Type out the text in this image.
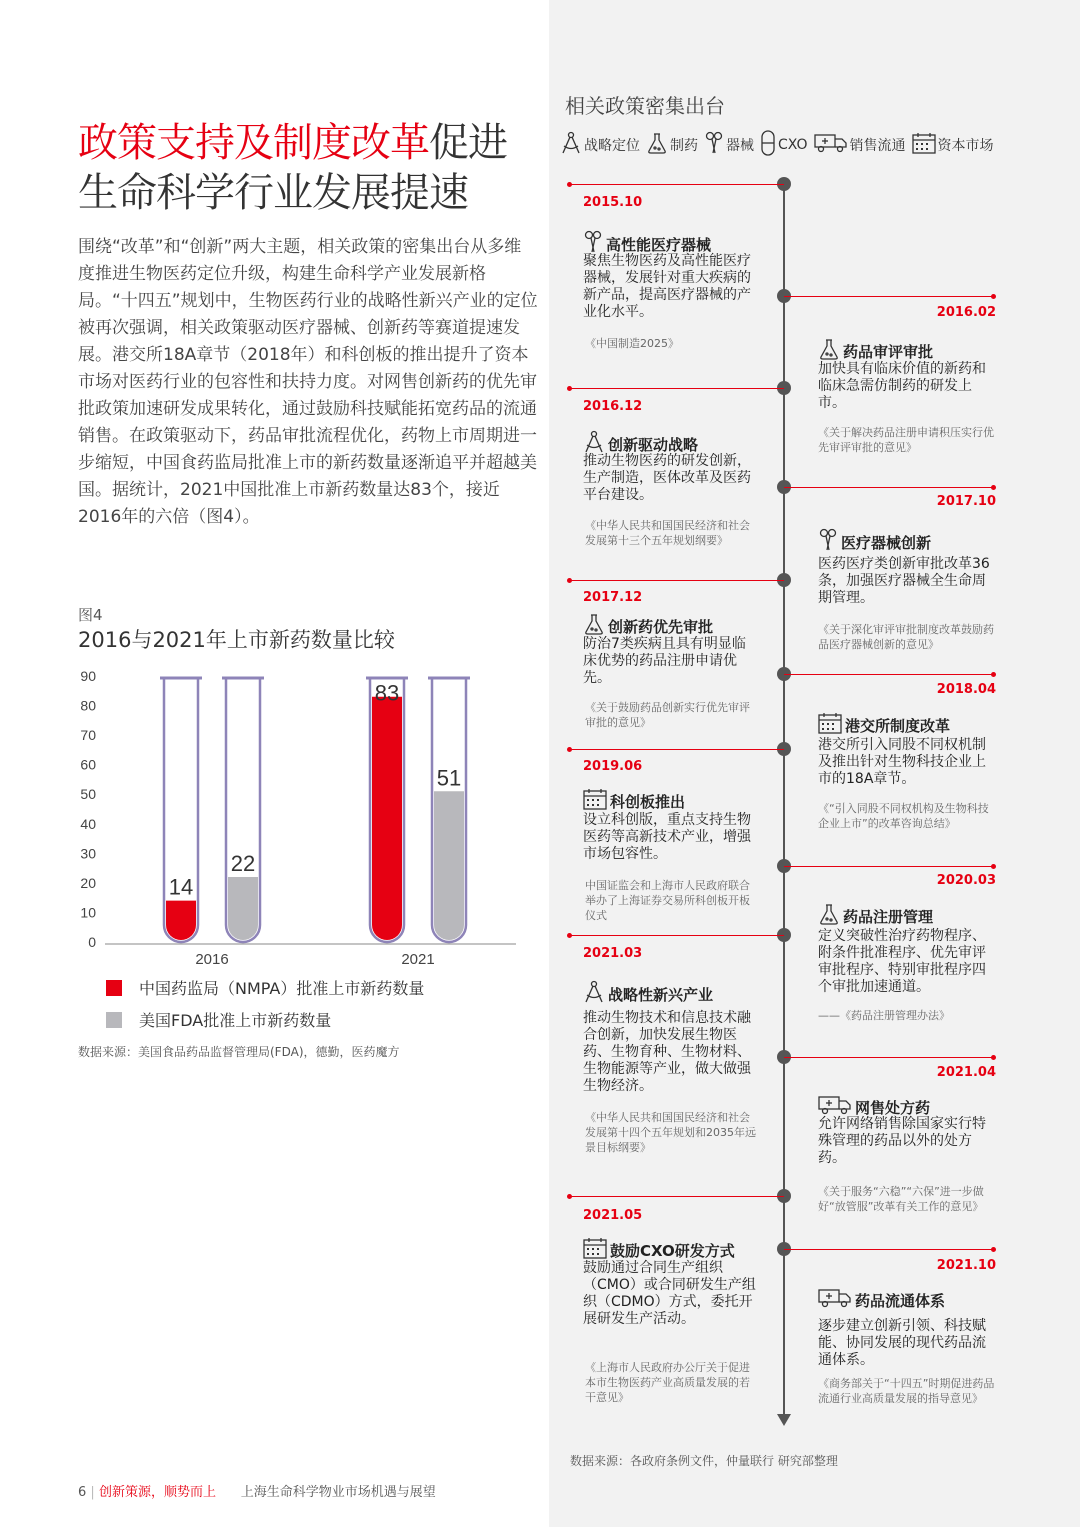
政策支持及制度改革促进生命科学行业发展提速
围绕“改革”和“创新”两大主题，相关政策的密集出台从多维度推进生物医药定位升级，构建生命科学产业发展新格局。“十四五”规划中，生物医药行业的战略性新兴产业的定位被再次强调，相关政策驱动医疗器械、创新药等赛道提速发展。港交所18A章节（2018年）和科创板的推出提升了资本市场对医药行业的包容性和扶持力度。对网售创新药的优先审批政策加速研发成果转化，通过鼓励科技赋能拓宽药品的流通销售。在政策驱动下，药品审批流程优化，药物上市周期进一步缩短，中国食药监局批准上市的新药数量逐渐追平并超越美国。据统计，2021中国批准上市新药数量达83个，接近2016年的六倍（图4）。
图4
2016与2021年上市新药数量比较
0
10
20
30
40
50
60
70
80
90
14
22
83
51
2016	2021
中国药监局（NMPA）批准上市新药数量
美国FDA批准上市新药数量
数据来源：美国食品药品监督管理局(FDA)，德勤，医药魔方
相关政策密集出台
战略定位 制药 器械 CXO	销售流通 资本市场
2015.10
高性能医疗器械
聚焦生物医药及高性能医疗器械，发展针对重大疾病的新产品，提高医疗器械的产业化水平。
《中国制造2025》
2016.02
药品审评审批
加快具有临床价值的新药和临床急需仿制药的研发上市。
《关于解决药品注册申请积压实行优先审评审批的意见》
2016.12
创新驱动战略
推动生物医药的研发创新，生产制造，医体改革及医药平台建设。
《中华人民共和国国民经济和社会发展第十三个五年规划纲要》
2017.10
医疗器械创新
医药医疗类创新审批改革36条，加强医疗器械全生命周期管理。
《关于深化审评审批制度改革鼓励药品医疗器械创新的意见》
2017.12
创新药优先审批
防治7类疾病且具有明显临床优势的药品注册申请优先。
《关于鼓励药品创新实行优先审评审批的意见》
2018.04
港交所制度改革
港交所引入同股不同权机制及推出针对生物科技企业上市的18A章节。
《“引入同股不同权机构及生物科技企业上市”的改革咨询总结》
2019.06
科创板推出
设立科创版，重点支持生物医药等高新技术产业，增强市场包容性。
中国证监会和上海市人民政府联合举办了上海证券交易所科创板开板仪式
2020.03
药品注册管理
定义突破性治疗药物程序、附条件批准程序、优先审评审批程序、特别审批程序四个审批加速通道。
——《药品注册管理办法》
2021.03
战略性新兴产业
推动生物技术和信息技术融合创新，加快发展生物医药、生物育种、生物材料、生物能源等产业，做大做强生物经济。
《中华人民共和国国民经济和社会发展第十四个五年规划和2035年远景目标纲要》
2021.04
网售处方药
允许网络销售除国家实行特殊管理的药品以外的处方药。
《关于服务“六稳”“六保”进一步做好“放管服”改革有关工作的意见》
2021.05
鼓励CXO研发方式
鼓励通过合同生产组织（CMO）或合同研发生产组织（CDMO）方式，委托开展研发生产活动。
《上海市人民政府办公厅关于促进本市生物医药产业高质量发展的若干意见》
2021.10
药品流通体系
逐步建立创新引领、科技赋能、协同发展的现代药品流通体系。
《商务部关于“十四五”时期促进药品流通行业高质量发展的指导意见》
数据来源：各政府条例文件，仲量联行 研究部整理
6 | 创新策源，顺势而上 上海生命科学物业市场机遇与展望
